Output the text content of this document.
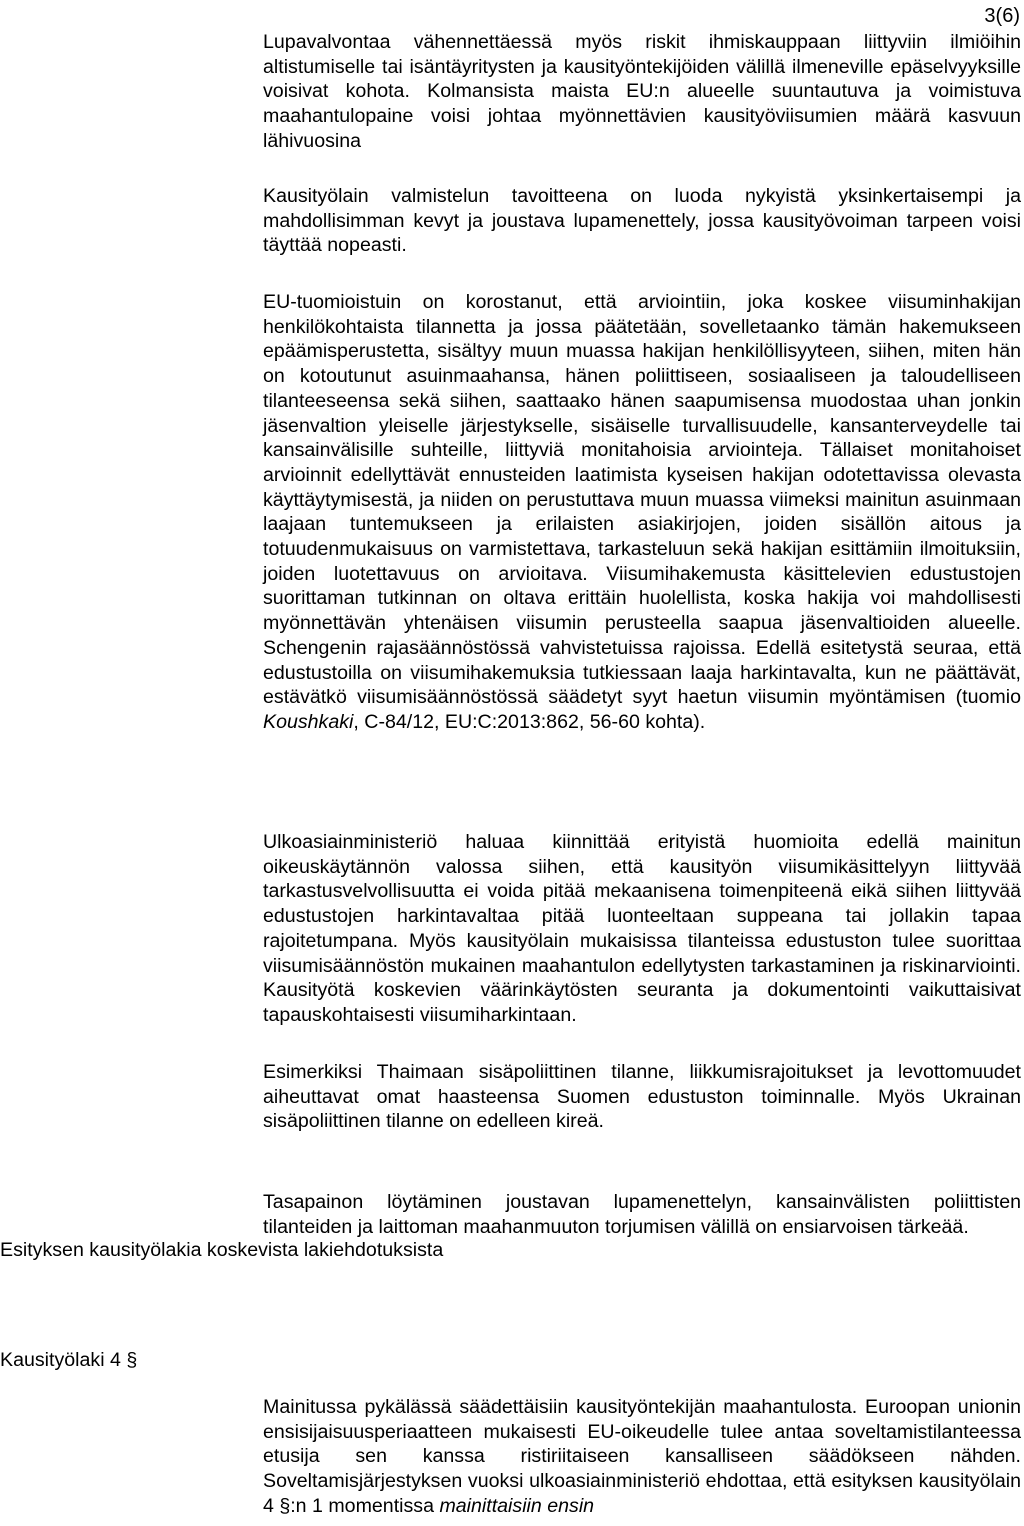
3(6)

Lupavalvontaa vähennettäessä myös riskit ihmiskauppaan liittyviin ilmiöihin altistumiselle tai isäntäyritysten ja kausityöntekijöiden välillä ilmeneville epäselvyyksille voisivat kohota. Kolmansista maista EU:n alueelle suuntautuva ja voimistuva maahantulopaine voisi johtaa myönnettävien kausityöviisumien määrä kasvuun lähivuosina

Kausityölain valmistelun tavoitteena on luoda nykyistä yksinkertaisempi ja mahdollisimman kevyt ja joustava lupamenettely, jossa kausityövoiman tarpeen voisi täyttää nopeasti.

EU-tuomioistuin on korostanut, että arviointiin, joka koskee viisuminhakijan henkilökohtaista tilannetta ja jossa päätetään, sovelletaanko tämän hakemukseen epäämisperustetta, sisältyy muun muassa hakijan henkilöllisyyteen, siihen, miten hän on kotoutunut asuinmaahansa, hänen poliittiseen, sosiaaliseen ja taloudelliseen tilanteeseensa sekä siihen, saattaako hänen saapumisensa muodostaa uhan jonkin jäsenvaltion yleiselle järjestykselle, sisäiselle turvallisuudelle, kansanterveydelle tai kansainvälisille suhteille, liittyviä monitahoisia arviointeja. Tällaiset monitahoiset arvioinnit edellyttävät ennusteiden laatimista kyseisen hakijan odotettavissa olevasta käyttäytymisestä, ja niiden on perustuttava muun muassa viimeksi mainitun asuinmaan laajaan tuntemukseen ja erilaisten asiakirjojen, joiden sisällön aitous ja totuudenmukaisuus on varmistettava, tarkasteluun sekä hakijan esittämiin ilmoituksiin, joiden luotettavuus on arvioitava. Viisumihakemusta käsittelevien edustustojen suorittaman tutkinnan on oltava erittäin huolellista, koska hakija voi mahdollisesti myönnettävän yhtenäisen viisumin perusteella saapua jäsenvaltioiden alueelle. Schengenin rajasäännöstössä vahvistetuissa rajoissa. Edellä esitetystä seuraa, että edustustoilla on viisumihakemuksia tutkiessaan laaja harkintavalta, kun ne päättävät, estävätkö viisumisäännöstössä säädetyt syyt haetun viisumin myöntämisen (tuomio Koushkaki, C-84/12, EU:C:2013:862, 56-60 kohta).

Ulkoasiainministeriö haluaa kiinnittää erityistä huomioita edellä mainitun oikeuskäytännön valossa siihen, että kausityön viisumikäsittelyyn liittyvää tarkastusvelvollisuutta ei voida pitää mekaanisena toimenpiteenä eikä siihen liittyvää edustustojen harkintavaltaa pitää luonteeltaan suppeana tai jollakin tapaa rajoitetumpana. Myös kausityölain mukaisissa tilanteissa edustuston tulee suorittaa viisumisäännöstön mukainen maahantulon edellytysten tarkastaminen ja riskinarviointi. Kausityötä koskevien väärinkäytösten seuranta ja dokumentointi vaikuttaisivat tapauskohtaisesti viisumiharkintaan.

Esimerkiksi Thaimaan sisäpoliittinen tilanne, liikkumisrajoitukset ja levottomuudet aiheuttavat omat haasteensa Suomen edustuston toiminnalle. Myös Ukrainan sisäpoliittinen tilanne on edelleen kireä.

Tasapainon löytäminen joustavan lupamenettelyn, kansainvälisten poliittisten tilanteiden ja laittoman maahanmuuton torjumisen välillä on ensiarvoisen tärkeää.

Esityksen kausityölakia koskevista lakiehdotuksista
Kausityölaki 4 §

Mainitussa pykälässä säädettäisiin kausityöntekijän maahantulosta. Euroopan unionin ensisijaisuusperiaatteen mukaisesti EU-oikeudelle tulee antaa soveltamistilanteessa etusija sen kanssa ristiriitaiseen kansalliseen säädökseen nähden. Soveltamisjärjestyksen vuoksi ulkoasiainministeriö ehdottaa, että esityksen kausityölain 4 §:n 1 momentissa mainittaisiin ensin
